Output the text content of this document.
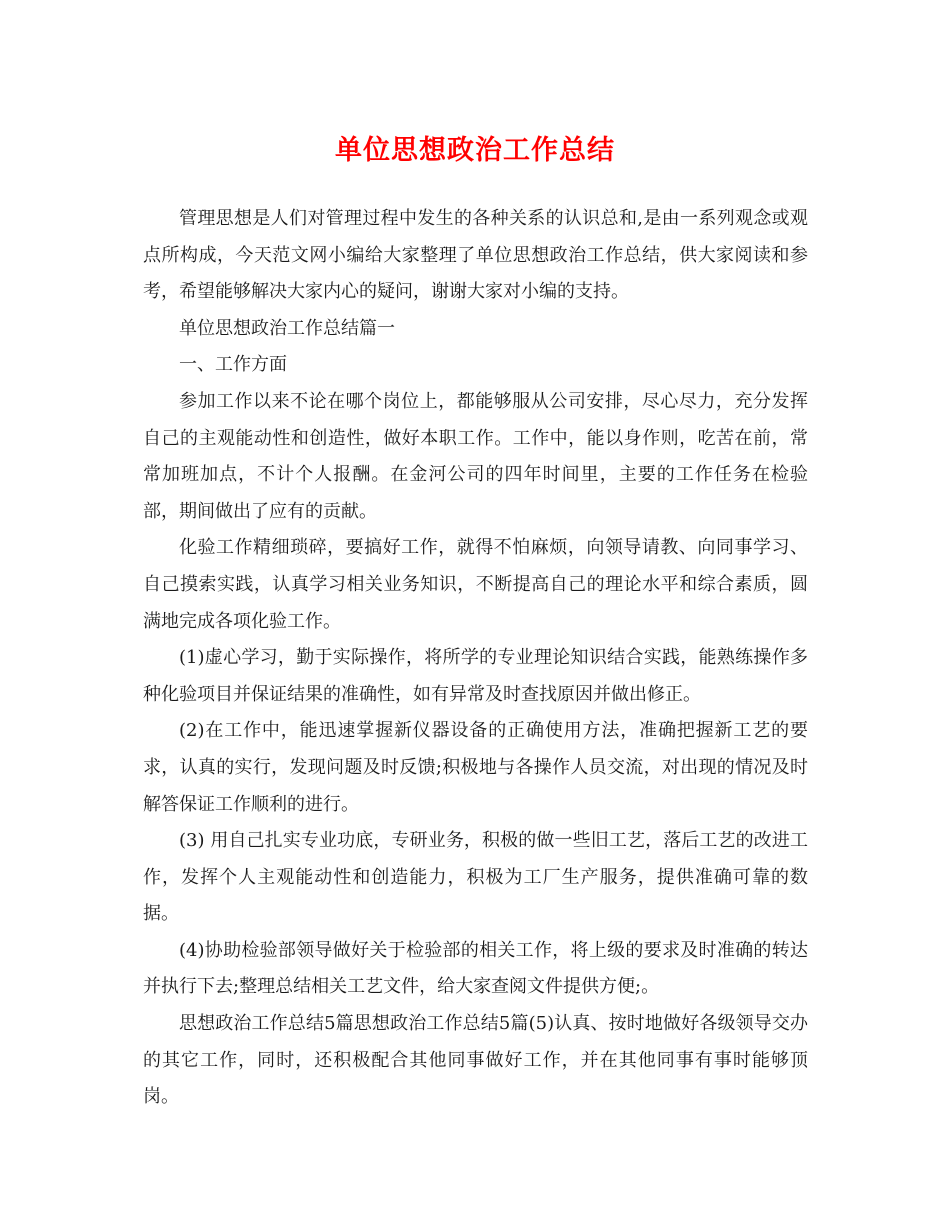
单位思想政治工作总结

管理思想是人们对管理过程中发生的各种关系的认识总和,是由一系列观念或观点所构成，今天范文网小编给大家整理了单位思想政治工作总结，供大家阅读和参考，希望能够解决大家内心的疑问，谢谢大家对小编的支持。

单位思想政治工作总结篇一

一、工作方面

参加工作以来不论在哪个岗位上，都能够服从公司安排，尽心尽力，充分发挥自己的主观能动性和创造性，做好本职工作。工作中，能以身作则，吃苦在前，常常加班加点，不计个人报酬。在金河公司的四年时间里，主要的工作任务在检验部，期间做出了应有的贡献。

化验工作精细琐碎，要搞好工作，就得不怕麻烦，向领导请教、向同事学习、自己摸索实践，认真学习相关业务知识，不断提高自己的理论水平和综合素质，圆满地完成各项化验工作。

(1)虚心学习，勤于实际操作，将所学的专业理论知识结合实践，能熟练操作多种化验项目并保证结果的准确性，如有异常及时查找原因并做出修正。

(2)在工作中，能迅速掌握新仪器设备的正确使用方法，准确把握新工艺的要求，认真的实行，发现问题及时反馈;积极地与各操作人员交流，对出现的情况及时解答保证工作顺利的进行。

(3) 用自己扎实专业功底，专研业务，积极的做一些旧工艺，落后工艺的改进工作，发挥个人主观能动性和创造能力，积极为工厂生产服务，提供准确可靠的数据。

(4)协助检验部领导做好关于检验部的相关工作，将上级的要求及时准确的转达并执行下去;整理总结相关工艺文件，给大家查阅文件提供方便;。

思想政治工作总结5篇思想政治工作总结5篇(5)认真、按时地做好各级领导交办的其它工作，同时，还积极配合其他同事做好工作，并在其他同事有事时能够顶岗。
